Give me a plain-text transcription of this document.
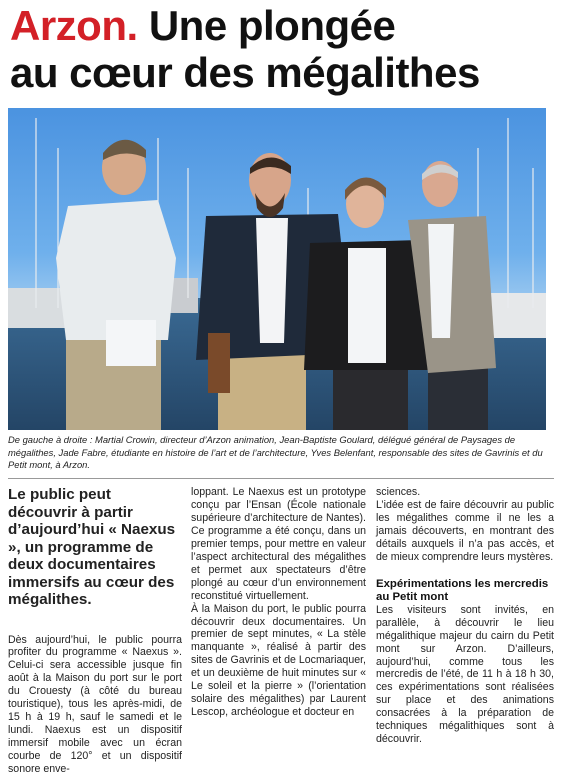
Arzon. Une plongée
au cœur des mégalithes
De gauche à droite : Martial Crowin, directeur d’Arzon animation, Jean-Baptiste Goulard, délégué général de Paysages de mégalithes, Jade Fabre, étudiante en histoire de l’art et de l’architecture, Yves Belenfant, responsable des sites de Gavrinis et du Petit mont, à Arzon.

Le public peut découvrir à partir d’aujourd’hui « Naexus », un programme de deux documentaires immersifs au cœur des mégalithes.

Dès aujourd’hui, le public pourra profiter du programme « Naexus ». Celui-ci sera accessible jusque fin août à la Maison du port sur le port du Crouesty (à côté du bureau touristique), tous les après-midi, de 15 h à 19 h, sauf le samedi et le lundi. Naexus est un dispositif immersif mobile avec un écran courbe de 120° et un dispositif sonore enve-

loppant. Le Naexus est un prototype conçu par l’Ensan (École nationale supérieure d’architecture de Nantes). Ce programme a été conçu, dans un premier temps, pour mettre en valeur l’aspect architectural des mégalithes et permet aux spectateurs d’être plongé au cœur d’un environnement reconstitué virtuellement.

À la Maison du port, le public pourra découvrir deux documentaires. Un premier de sept minutes, « La stèle manquante », réalisé à partir des sites de Gavrinis et de Locmariaquer, et un deuxième de huit minutes sur « Le soleil et la pierre » (l’orientation solaire des mégalithes) par Laurent Lescop, archéologue et docteur en

sciences.

L’idée est de faire découvrir au public les mégalithes comme il ne les a jamais découverts, en montrant des détails auxquels il n’a pas accès, et de mieux comprendre leurs mystères.

Expérimentations les mercredis au Petit mont

Les visiteurs sont invités, en parallèle, à découvrir le lieu mégalithique majeur du cairn du Petit mont sur Arzon. D’ailleurs, aujourd’hui, comme tous les mercredis de l’été, de 11 h à 18 h 30, ces expérimentations sont réalisées sur place et des animations consacrées à la préparation de techniques mégalithiques sont à découvrir.
